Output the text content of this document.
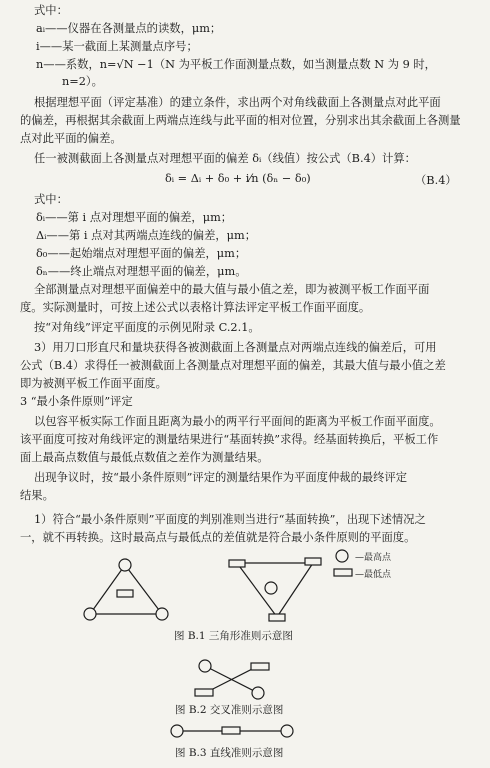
式中：
aᵢ——仪器在各测量点的读数，μm；
i——某一截面上某测量点序号；
n——系数，n=√N −1（N 为平板工作面测量点数，如当测量点数 N 为 9 时，
n=2）。
根据理想平面（评定基准）的建立条件，求出两个对角线截面上各测量点对此平面
的偏差，再根据其余截面上两端点连线与此平面的相对位置，分别求出其余截面上各测量
点对此平面的偏差。
任一被测截面上各测量点对理想平面的偏差 δᵢ（线值）按公式（B.4）计算：
δᵢ = Δᵢ + δ₀ + i⁄n (δₙ − δ₀)	（B.4）
式中：
δᵢ——第 i 点对理想平面的偏差，μm；
Δᵢ——第 i 点对其两端点连线的偏差，μm；
δ₀——起始端点对理想平面的偏差，μm；
δₙ——终止端点对理想平面的偏差，μm。
全部测量点对理想平面偏差中的最大值与最小值之差，即为被测平板工作面平面
度。实际测量时，可按上述公式以表格计算法评定平板工作面平面度。
按“对角线”评定平面度的示例见附录 C.2.1。
3）用刀口形直尺和量块获得各被测截面上各测量点对两端点连线的偏差后，可用
公式（B.4）求得任一被测截面上各测量点对理想平面的偏差，其最大值与最小值之差
即为被测平板工作面平面度。
3 “最小条件原则”评定
以包容平板实际工作面且距离为最小的两平行平面间的距离为平板工作面平面度。
该平面度可按对角线评定的测量结果进行“基面转换”求得。经基面转换后，平板工作
面上最高点数值与最低点数值之差作为测量结果。
出现争议时，按“最小条件原则”评定的测量结果作为平面度仲裁的最终评定
结果。
1）符合“最小条件原则”平面度的判别准则当进行“基面转换”，出现下述情况之
一，就不再转换。这时最高点与最低点的差值就是符合最小条件原则的平面度。
—最高点
—最低点
图 B.1 三角形准则示意图
图 B.2 交叉准则示意图
图 B.3 直线准则示意图
